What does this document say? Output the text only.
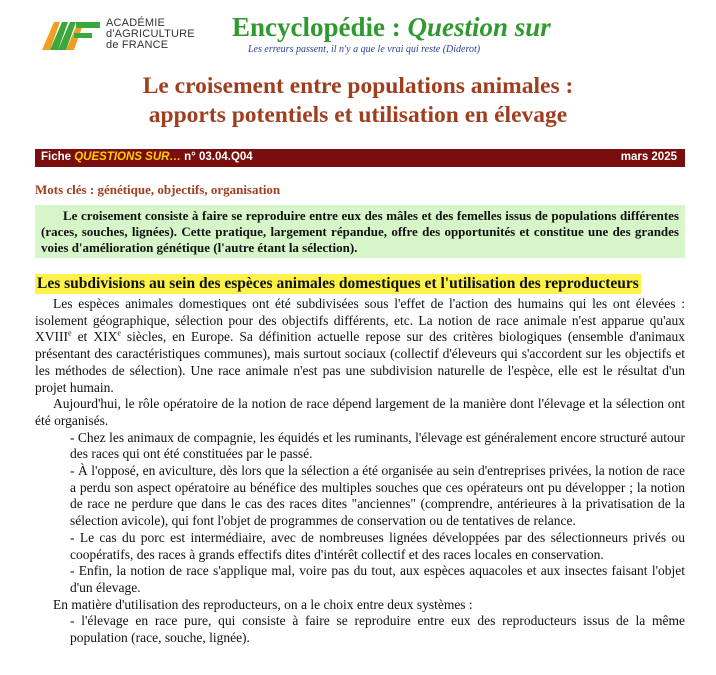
ACADÉMIE
d'AGRICULTURE
de FRANCE
Encyclopédie : Question sur
Les erreurs passent, il n'y a que le vrai qui reste (Diderot)
Le croisement entre populations animales :
apports potentiels et utilisation en élevage
Fiche QUESTIONS SUR… n° 03.04.Q04	mars 2025
Mots clés : génétique, objectifs, organisation

Le croisement consiste à faire se reproduire entre eux des mâles et des femelles issus de populations différentes (races, souches, lignées). Cette pratique, largement répandue, offre des opportunités et constitue une des grandes voies d'amélioration génétique (l'autre étant la sélection).

Les subdivisions au sein des espèces animales domestiques et l'utilisation des reproducteurs

Les espèces animales domestiques ont été subdivisées sous l'effet de l'action des humains qui les ont élevées : isolement géographique, sélection pour des objectifs différents, etc. La notion de race animale n'est apparue qu'aux XVIIIe et XIXe siècles, en Europe. Sa définition actuelle repose sur des critères biologiques (ensemble d'animaux présentant des caractéristiques communes), mais surtout sociaux (collectif d'éleveurs qui s'accordent sur les objectifs et les méthodes de sélection). Une race animale n'est pas une subdivision naturelle de l'espèce, elle est le résultat d'un projet humain.

Aujourd'hui, le rôle opératoire de la notion de race dépend largement de la manière dont l'élevage et la sélection ont été organisés.

- Chez les animaux de compagnie, les équidés et les ruminants, l'élevage est généralement encore structuré autour des races qui ont été constituées par le passé.

- À l'opposé, en aviculture, dès lors que la sélection a été organisée au sein d'entreprises privées, la notion de race a perdu son aspect opératoire au bénéfice des multiples souches que ces opérateurs ont pu développer ; la notion de race ne perdure que dans le cas des races dites "anciennes" (comprendre, antérieures à la privatisation de la sélection avicole), qui font l'objet de programmes de conservation ou de tentatives de relance.

- Le cas du porc est intermédiaire, avec de nombreuses lignées développées par des sélectionneurs privés ou coopératifs, des races à grands effectifs dites d'intérêt collectif et des races locales en conservation.

- Enfin, la notion de race s'applique mal, voire pas du tout, aux espèces aquacoles et aux insectes faisant l'objet d'un élevage.

En matière d'utilisation des reproducteurs, on a le choix entre deux systèmes :

- l'élevage en race pure, qui consiste à faire se reproduire entre eux des reproducteurs issus de la même population (race, souche, lignée).
